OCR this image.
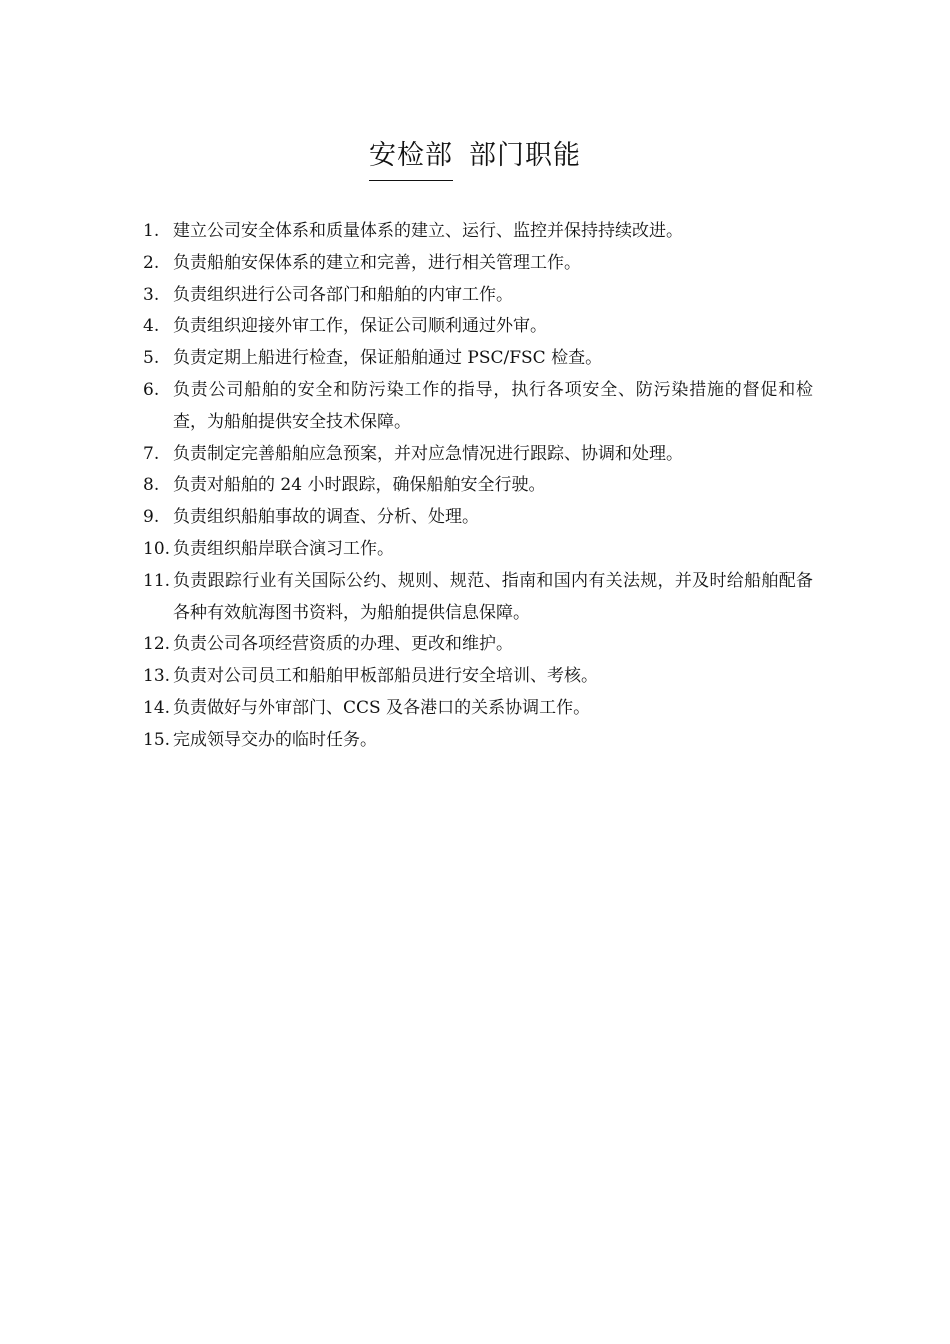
安检部 部门职能
1. 建立公司安全体系和质量体系的建立、运行、监控并保持持续改进。
2. 负责船舶安保体系的建立和完善，进行相关管理工作。
3. 负责组织进行公司各部门和船舶的内审工作。
4. 负责组织迎接外审工作，保证公司顺利通过外审。
5. 负责定期上船进行检查，保证船舶通过 PSC/FSC 检查。
6. 负责公司船舶的安全和防污染工作的指导，执行各项安全、防污染措施的督促和检查，为船舶提供安全技术保障。
7. 负责制定完善船舶应急预案，并对应急情况进行跟踪、协调和处理。
8. 负责对船舶的 24 小时跟踪，确保船舶安全行驶。
9. 负责组织船舶事故的调查、分析、处理。
10. 负责组织船岸联合演习工作。
11. 负责跟踪行业有关国际公约、规则、规范、指南和国内有关法规，并及时给船舶配备各种有效航海图书资料，为船舶提供信息保障。
12. 负责公司各项经营资质的办理、更改和维护。
13. 负责对公司员工和船舶甲板部船员进行安全培训、考核。
14. 负责做好与外审部门、CCS 及各港口的关系协调工作。
15. 完成领导交办的临时任务。
